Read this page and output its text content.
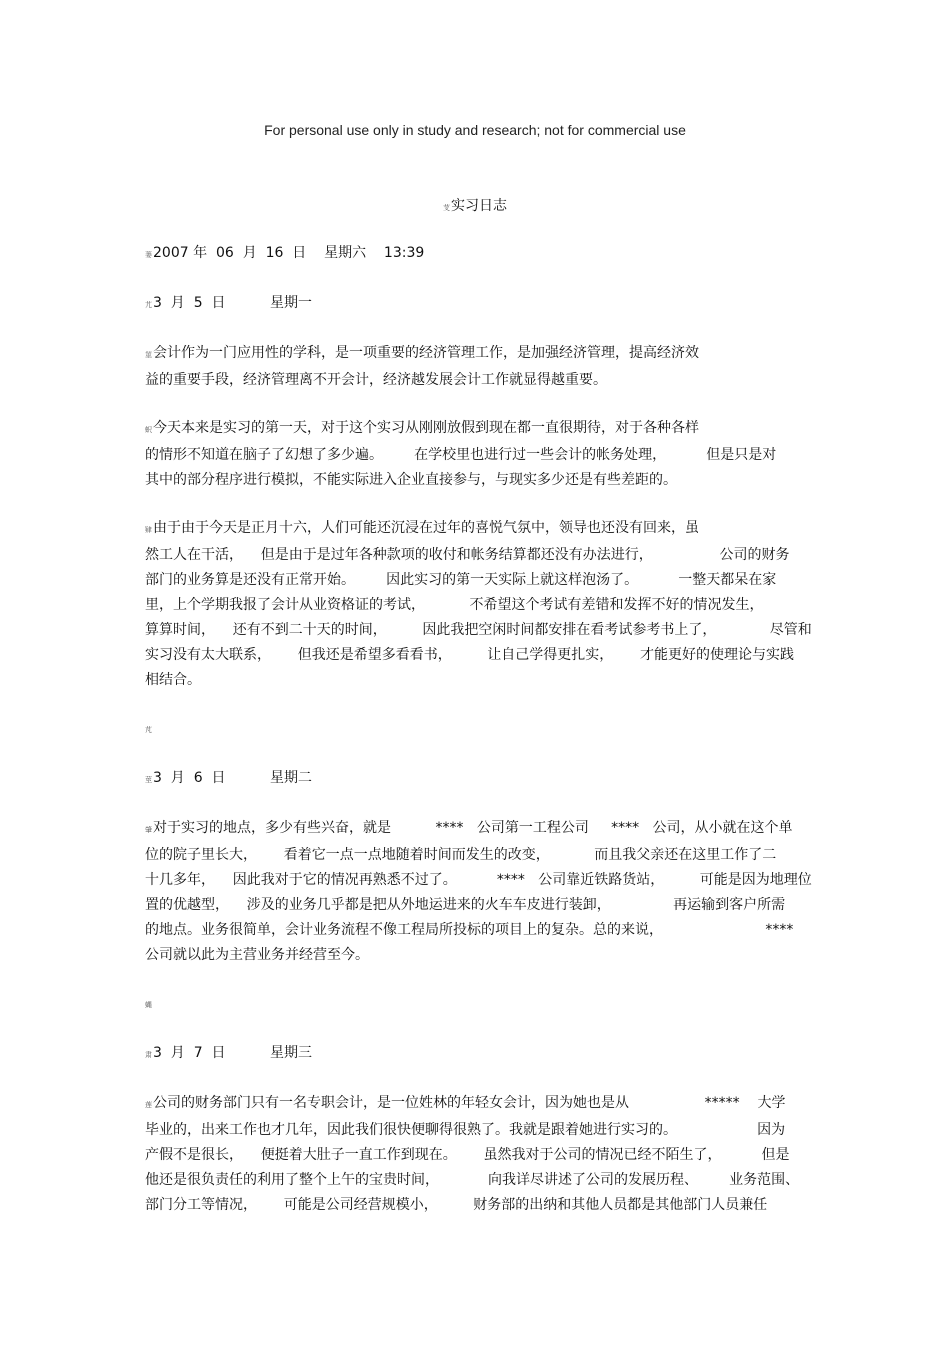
For personal use only in study and research; not for commercial use
芆实习日志
蒌2007 年  06  月  16  日    星期六    13:39
芁3  月  5  日          星期一
莁会计作为一门应用性的学科，是一项重要的经济管理工作，是加强经济管理，提高经济效
益的重要手段，经济管理离不开会计，经济越发展会计工作就显得越重要。
蚇今天本来是实习的第一天，对于这个实习从刚刚放假到现在都一直很期待，对于各种各样
的情形不知道在脑子了幻想了多少遍。       在学校里也进行过一些会计的帐务处理，         但是只是对
其中的部分程序进行模拟，不能实际进入企业直接参与，与现实多少还是有些差距的。
肄由于由于今天是正月十六，人们可能还沉浸在过年的喜悦气氛中，领导也还没有回来，虽
然工人在干活，    但是由于是过年各种款项的收付和帐务结算都还没有办法进行，               公司的财务
部门的业务算是还没有正常开始。       因此实习的第一天实际上就这样泡汤了。         一整天都呆在家
里，上个学期我报了会计从业资格证的考试，          不希望这个考试有差错和发挥不好的情况发生，
算算时间，    还有不到二十天的时间，        因此我把空闲时间都安排在看考试参考书上了，            尽管和
实习没有太大联系，      但我还是希望多看看书，        让自己学得更扎实，      才能更好的使理论与实践
相结合。
芃
莖3  月  6  日          星期二
肇对于实习的地点，多少有些兴奋，就是          ****   公司第一工程公司     ****   公司，从小就在这个单
位的院子里长大，      看着它一点一点地随着时间而发生的改变，          而且我父亲还在这里工作了二
十几多年，    因此我对于它的情况再熟悉不过了。         ****   公司靠近铁路货站，        可能是因为地理位
置的优越型，    涉及的业务几乎都是把从外地运进来的火车车皮进行装卸，              再运输到客户所需
的地点。业务很简单，会计业务流程不像工程局所投标的项目上的复杂。总的来说，                       ****
公司就以此为主营业务并经营至今。
蝿
肃3  月  7  日          星期三
莲公司的财务部门只有一名专职会计，是一位姓林的年轻女会计，因为她也是从                 *****    大学
毕业的，出来工作也才几年，因此我们很快便聊得很熟了。我就是跟着她进行实习的。                  因为
产假不是很长，    便挺着大肚子一直工作到现在。      虽然我对于公司的情况已经不陌生了，         但是
他还是很负责任的利用了整个上午的宝贵时间，           向我详尽讲述了公司的发展历程、       业务范围、
部门分工等情况，      可能是公司经营规模小，        财务部的出纳和其他人员都是其他部门人员兼任
